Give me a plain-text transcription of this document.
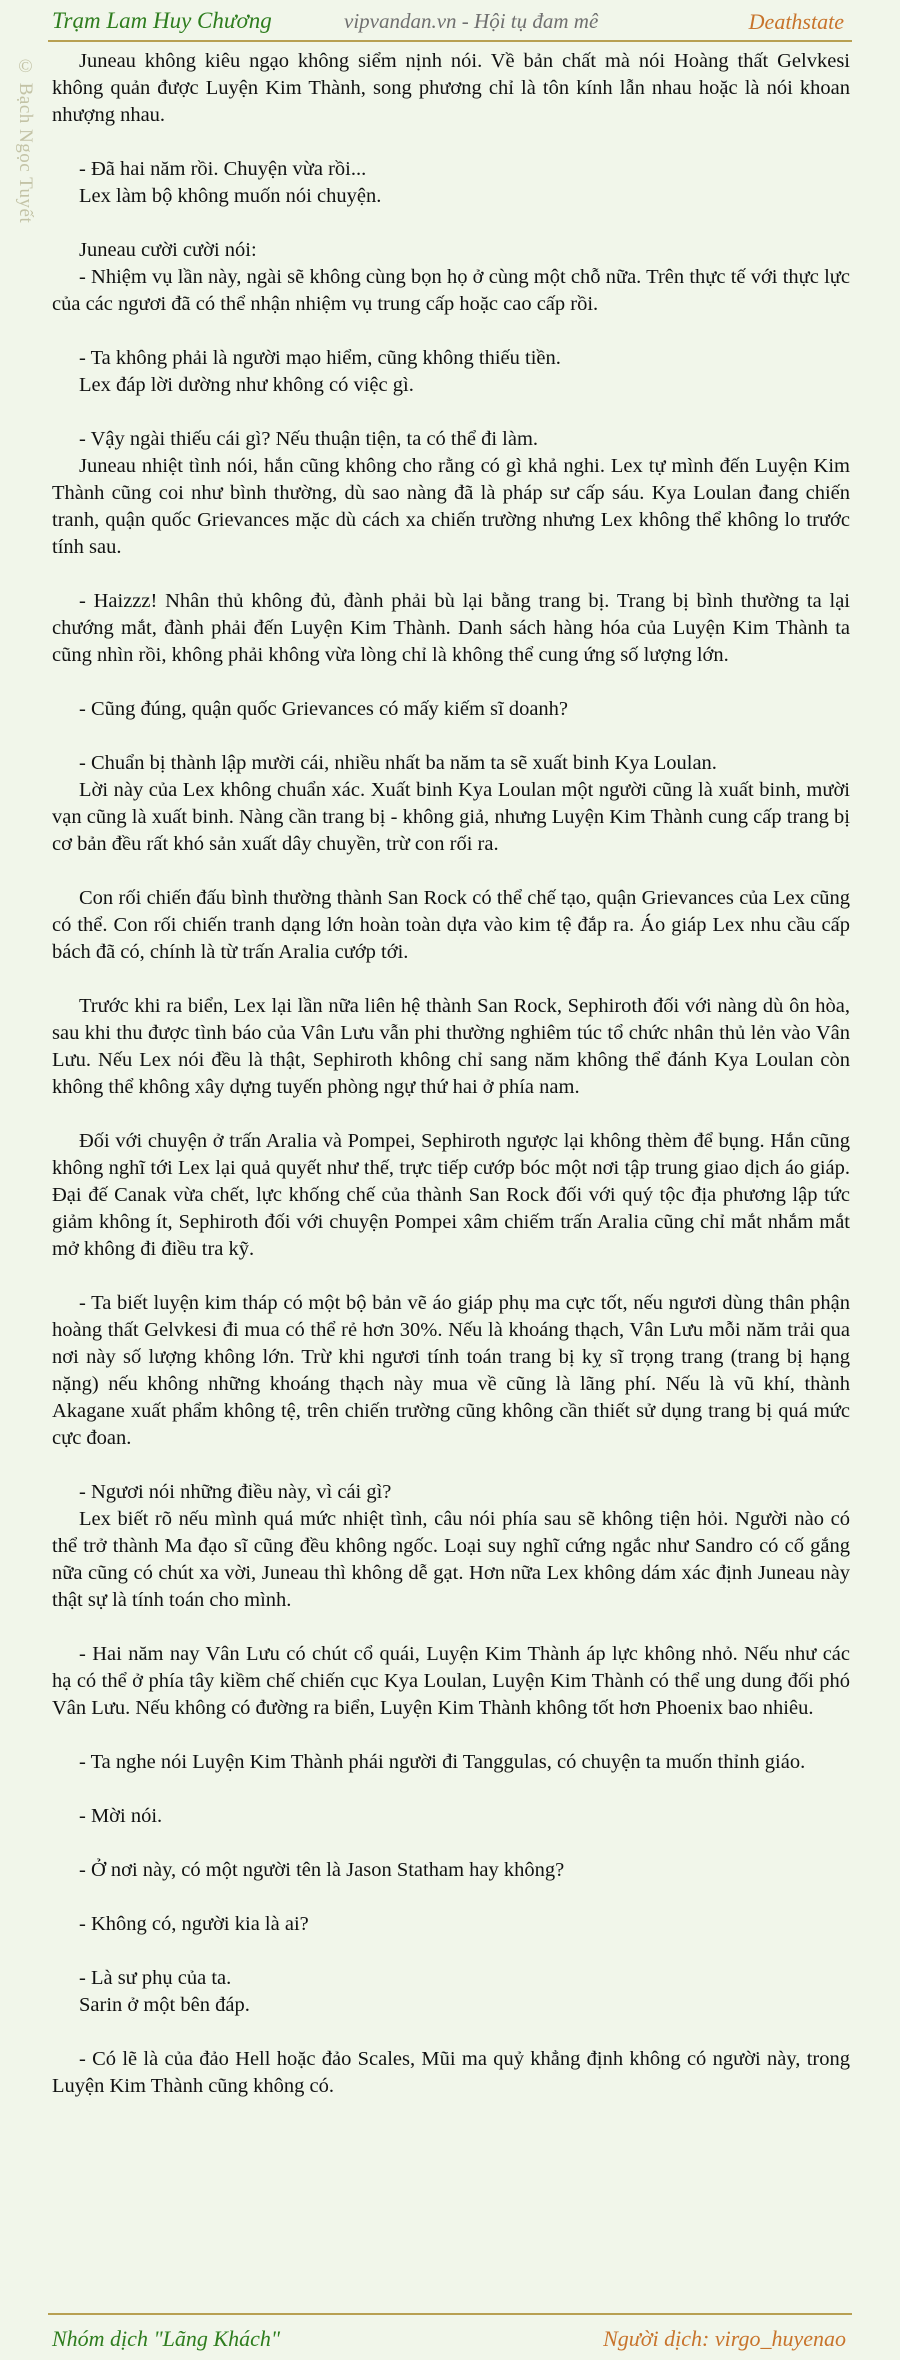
Trạm Lam Huy Chương	vipvandan.vn - Hội tụ đam mê	Deathstate
© Bạch Ngọc Tuyết	Juneau không kiêu ngạo không siểm nịnh nói. Về bản chất mà nói Hoàng thất Gelvkesi không quản được Luyện Kim Thành, song phương chỉ là tôn kính lẫn nhau hoặc là nói khoan nhượng nhau.
- Đã hai năm rồi. Chuyện vừa rồi...
Lex làm bộ không muốn nói chuyện.
Juneau cười cười nói:
- Nhiệm vụ lần này, ngài sẽ không cùng bọn họ ở cùng một chỗ nữa. Trên thực tế với thực lực của các ngươi đã có thể nhận nhiệm vụ trung cấp hoặc cao cấp rồi.
- Ta không phải là người mạo hiểm, cũng không thiếu tiền.
Lex đáp lời dường như không có việc gì.
- Vậy ngài thiếu cái gì? Nếu thuận tiện, ta có thể đi làm.
Juneau nhiệt tình nói, hắn cũng không cho rằng có gì khả nghi. Lex tự mình đến Luyện Kim Thành cũng coi như bình thường, dù sao nàng đã là pháp sư cấp sáu. Kya Loulan đang chiến tranh, quận quốc Grievances mặc dù cách xa chiến trường nhưng Lex không thể không lo trước tính sau.
- Haizzz! Nhân thủ không đủ, đành phải bù lại bằng trang bị. Trang bị bình thường ta lại chướng mắt, đành phải đến Luyện Kim Thành. Danh sách hàng hóa của Luyện Kim Thành ta cũng nhìn rồi, không phải không vừa lòng chỉ là không thể cung ứng số lượng lớn.
- Cũng đúng, quận quốc Grievances có mấy kiếm sĩ doanh?
- Chuẩn bị thành lập mười cái, nhiều nhất ba năm ta sẽ xuất binh Kya Loulan.
Lời này của Lex không chuẩn xác. Xuất binh Kya Loulan một người cũng là xuất binh, mười vạn cũng là xuất binh. Nàng cần trang bị - không giả, nhưng Luyện Kim Thành cung cấp trang bị cơ bản đều rất khó sản xuất dây chuyền, trừ con rối ra.
Con rối chiến đấu bình thường thành San Rock có thể chế tạo, quận Grievances của Lex cũng có thể. Con rối chiến tranh dạng lớn hoàn toàn dựa vào kim tệ đắp ra. Áo giáp Lex nhu cầu cấp bách đã có, chính là từ trấn Aralia cướp tới.
Trước khi ra biển, Lex lại lần nữa liên hệ thành San Rock, Sephiroth đối với nàng dù ôn hòa, sau khi thu được tình báo của Vân Lưu vẫn phi thường nghiêm túc tổ chức nhân thủ lẻn vào Vân Lưu. Nếu Lex nói đều là thật, Sephiroth không chỉ sang năm không thể đánh Kya Loulan còn không thể không xây dựng tuyến phòng ngự thứ hai ở phía nam.
Đối với chuyện ở trấn Aralia và Pompei, Sephiroth ngược lại không thèm để bụng. Hắn cũng không nghĩ tới Lex lại quả quyết như thế, trực tiếp cướp bóc một nơi tập trung giao dịch áo giáp. Đại đế Canak vừa chết, lực khống chế của thành San Rock đối với quý tộc địa phương lập tức giảm không ít, Sephiroth đối với chuyện Pompei xâm chiếm trấn Aralia cũng chỉ mắt nhắm mắt mở không đi điều tra kỹ.
- Ta biết luyện kim tháp có một bộ bản vẽ áo giáp phụ ma cực tốt, nếu ngươi dùng thân phận hoàng thất Gelvkesi đi mua có thể rẻ hơn 30%. Nếu là khoáng thạch, Vân Lưu mỗi năm trải qua nơi này số lượng không lớn. Trừ khi ngươi tính toán trang bị kỵ sĩ trọng trang (trang bị hạng nặng) nếu không những khoáng thạch này mua về cũng là lãng phí. Nếu là vũ khí, thành Akagane xuất phẩm không tệ, trên chiến trường cũng không cần thiết sử dụng trang bị quá mức cực đoan.
- Ngươi nói những điều này, vì cái gì?
Lex biết rõ nếu mình quá mức nhiệt tình, câu nói phía sau sẽ không tiện hỏi. Người nào có thể trở thành Ma đạo sĩ cũng đều không ngốc. Loại suy nghĩ cứng ngắc như Sandro có cố gắng nữa cũng có chút xa vời, Juneau thì không dễ gạt. Hơn nữa Lex không dám xác định Juneau này thật sự là tính toán cho mình.
- Hai năm nay Vân Lưu có chút cổ quái, Luyện Kim Thành áp lực không nhỏ. Nếu như các hạ có thể ở phía tây kiềm chế chiến cục Kya Loulan, Luyện Kim Thành có thể ung dung đối phó Vân Lưu. Nếu không có đường ra biển, Luyện Kim Thành không tốt hơn Phoenix bao nhiêu.
- Ta nghe nói Luyện Kim Thành phái người đi Tanggulas, có chuyện ta muốn thỉnh giáo.
- Mời nói.
- Ở nơi này, có một người tên là Jason Statham hay không?
- Không có, người kia là ai?
- Là sư phụ của ta.
Sarin ở một bên đáp.
- Có lẽ là của đảo Hell hoặc đảo Scales, Mũi ma quỷ khẳng định không có người này, trong Luyện Kim Thành cũng không có.
Nhóm dịch "Lãng Khách"	Người dịch: virgo_huyenao
